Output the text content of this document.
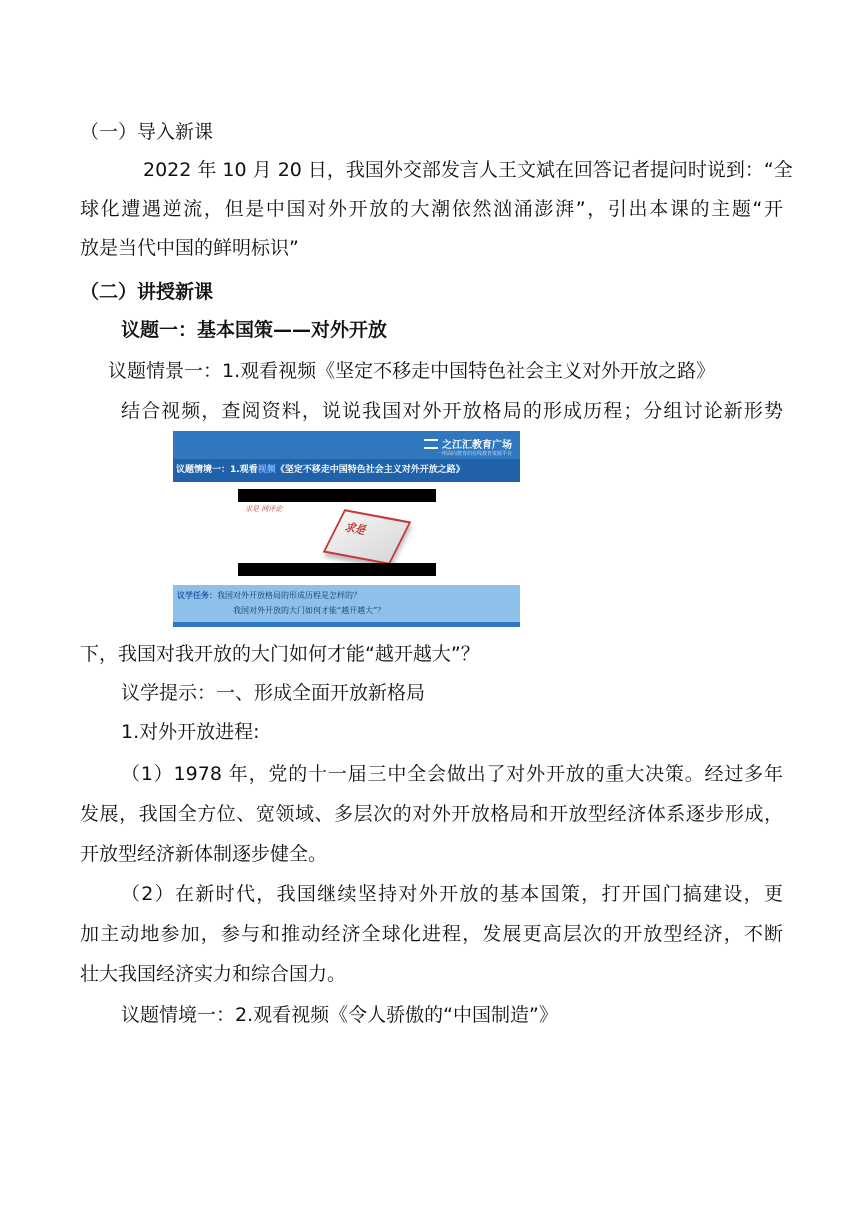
（一）导入新课
2022 年 10 月 20 日，我国外交部发言人王文斌在回答记者提问时说到：“全
球化遭遇逆流，但是中国对外开放的大潮依然汹涌澎湃”，引出本课的主题“开
放是当代中国的鲜明标识”
（二）讲授新课
议题一：基本国策——对外开放
议题情景一：1.观看视频《坚定不移走中国特色社会主义对外开放之路》
结合视频，查阅资料，说说我国对外开放格局的形成历程；分组讨论新形势
之江汇教育广场
一所面向教育的在线教育资源平台
议题情境一：1.观看视频《坚定不移走中国特色社会主义对外开放之路》
求是 网评论
求是
议学任务：我国对外开放格局的形成历程是怎样的？
我国对外开放的大门如何才能“越开越大”？
下，我国对我开放的大门如何才能“越开越大”？
议学提示：一、形成全面开放新格局
1.对外开放进程:
（1）1978 年，党的十一届三中全会做出了对外开放的重大决策。经过多年
发展，我国全方位、宽领域、多层次的对外开放格局和开放型经济体系逐步形成，
开放型经济新体制逐步健全。
（2）在新时代，我国继续坚持对外开放的基本国策，打开国门搞建设，更
加主动地参加，参与和推动经济全球化进程，发展更高层次的开放型经济，不断
壮大我国经济实力和综合国力。
议题情境一：2.观看视频《令人骄傲的“中国制造”》
